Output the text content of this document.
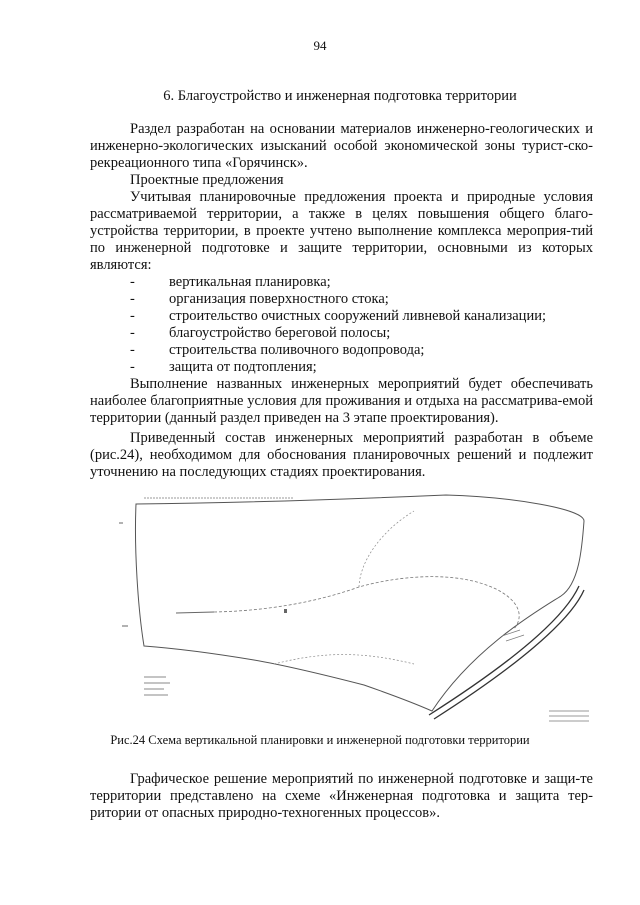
94
6. Благоустройство и инженерная подготовка территории

Раздел разработан на основании материалов инженерно-геологических и инженерно-экологических изысканий особой экономической зоны турист-ско-рекреационного типа «Горячинск».

Проектные предложения

Учитывая планировочные предложения проекта и природные условия рассматриваемой территории, а также в целях повышения общего благо-устройства территории, в проекте учтено выполнение комплекса мероприя-тий по инженерной подготовке и защите территории, основными из которых являются:

- вертикальная планировка;
- организация поверхностного стока;
- строительство очистных сооружений ливневой канализации;
- благоустройство береговой полосы;
- строительства поливочного водопровода;
- защита от подтопления;

Выполнение названных инженерных мероприятий будет обеспечивать наиболее благоприятные условия для проживания и отдыха на рассматрива-емой территории (данный раздел приведен на 3 этапе проектирования).

Приведенный состав инженерных мероприятий разработан в объеме (рис.24), необходимом для обоснования планировочных решений и подлежит уточнению на последующих стадиях проектирования.

Рис.24 Схема вертикальной планировки и инженерной подготовки территории

Графическое решение мероприятий по инженерной подготовке и защи-те территории представлено на схеме «Инженерная подготовка и защита тер-ритории от опасных природно-техногенных процессов».
